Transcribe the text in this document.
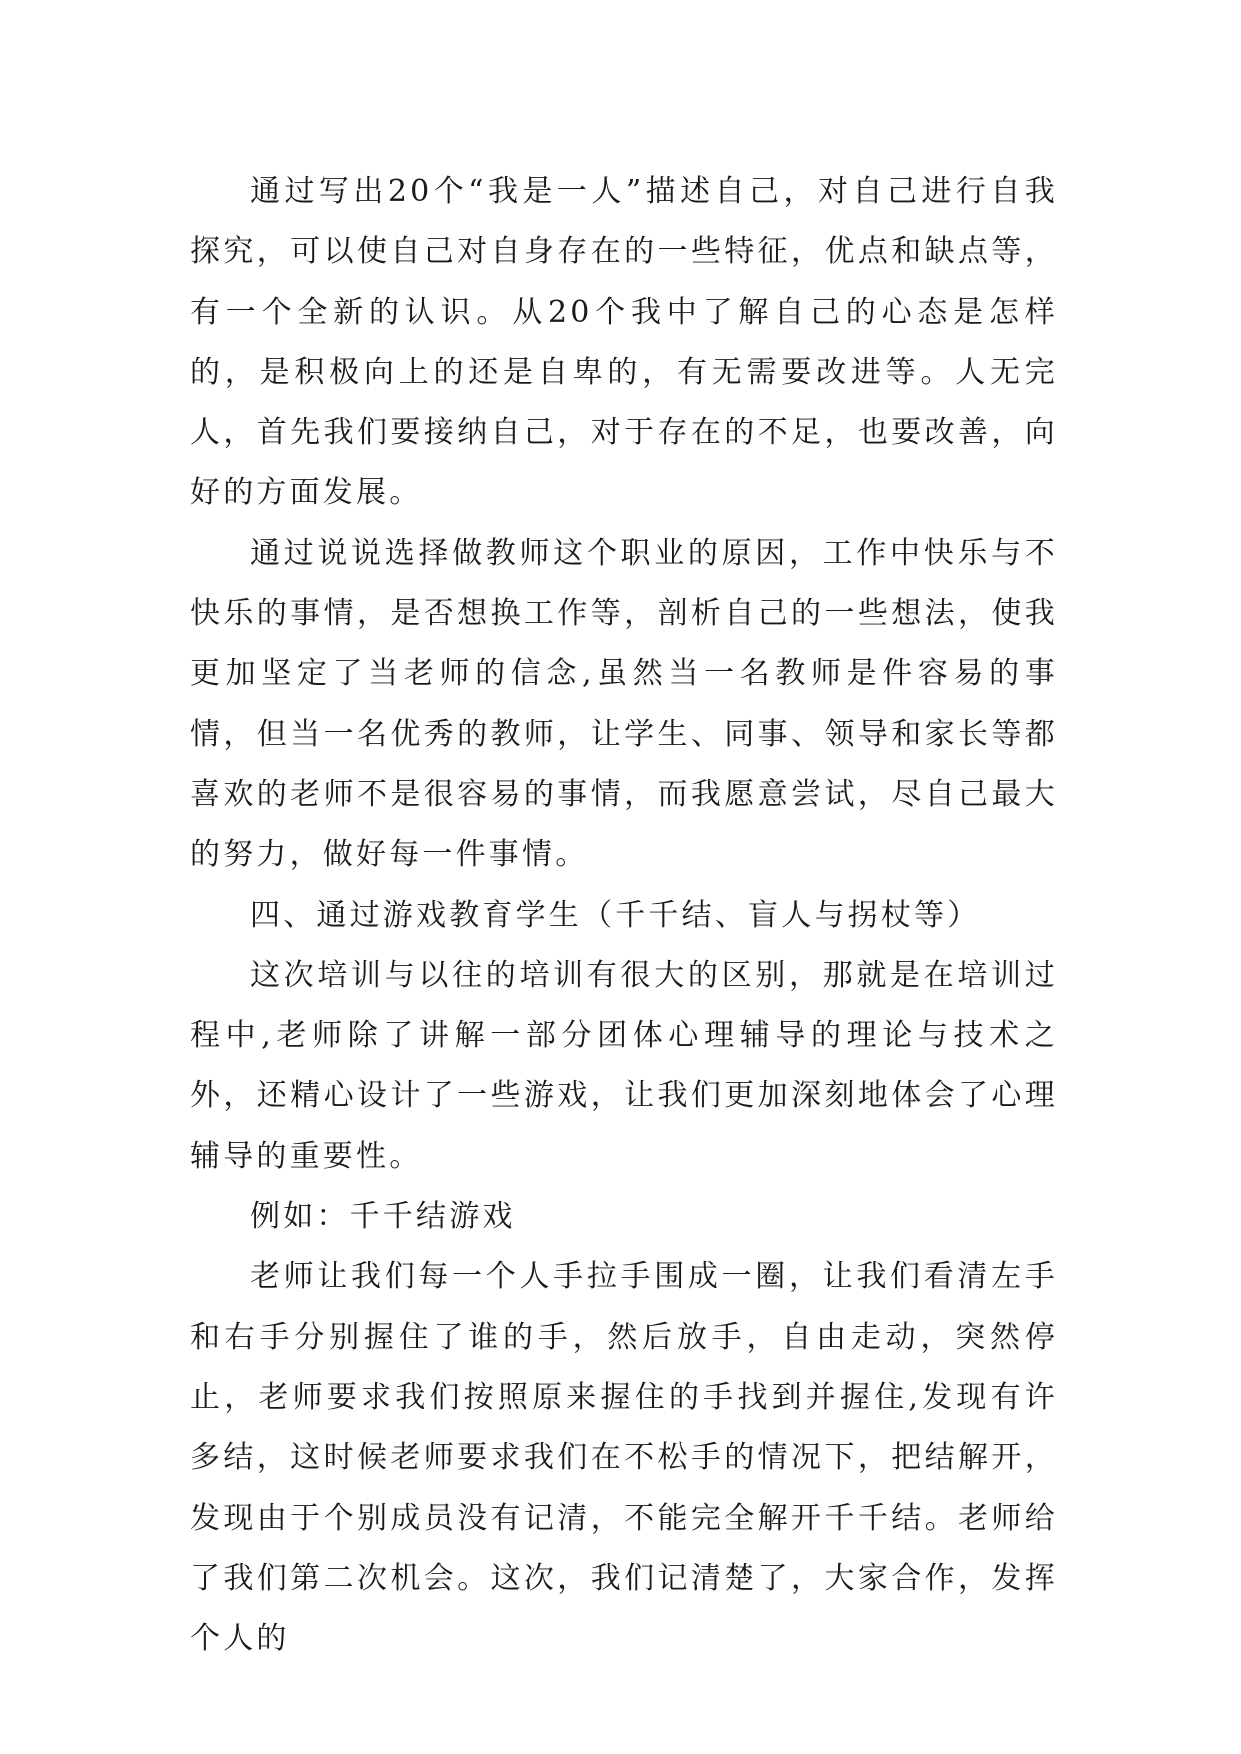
通过写出20个“我是一人”描述自己，对自己进行自我探究，可以使自己对自身存在的一些特征，优点和缺点等，有一个全新的认识。从20个我中了解自己的心态是怎样的，是积极向上的还是自卑的，有无需要改进等。人无完人，首先我们要接纳自己，对于存在的不足，也要改善，向好的方面发展。

通过说说选择做教师这个职业的原因，工作中快乐与不快乐的事情，是否想换工作等，剖析自己的一些想法，使我更加坚定了当老师的信念,虽然当一名教师是件容易的事情，但当一名优秀的教师，让学生、同事、领导和家长等都喜欢的老师不是很容易的事情，而我愿意尝试，尽自己最大的努力，做好每一件事情。

四、通过游戏教育学生（千千结、盲人与拐杖等）

这次培训与以往的培训有很大的区别，那就是在培训过程中,老师除了讲解一部分团体心理辅导的理论与技术之外，还精心设计了一些游戏，让我们更加深刻地体会了心理辅导的重要性。

例如：千千结游戏

老师让我们每一个人手拉手围成一圈，让我们看清左手和右手分别握住了谁的手，然后放手，自由走动，突然停止，老师要求我们按照原来握住的手找到并握住,发现有许多结，这时候老师要求我们在不松手的情况下，把结解开，发现由于个别成员没有记清，不能完全解开千千结。老师给了我们第二次机会。这次，我们记清楚了，大家合作，发挥个人的
